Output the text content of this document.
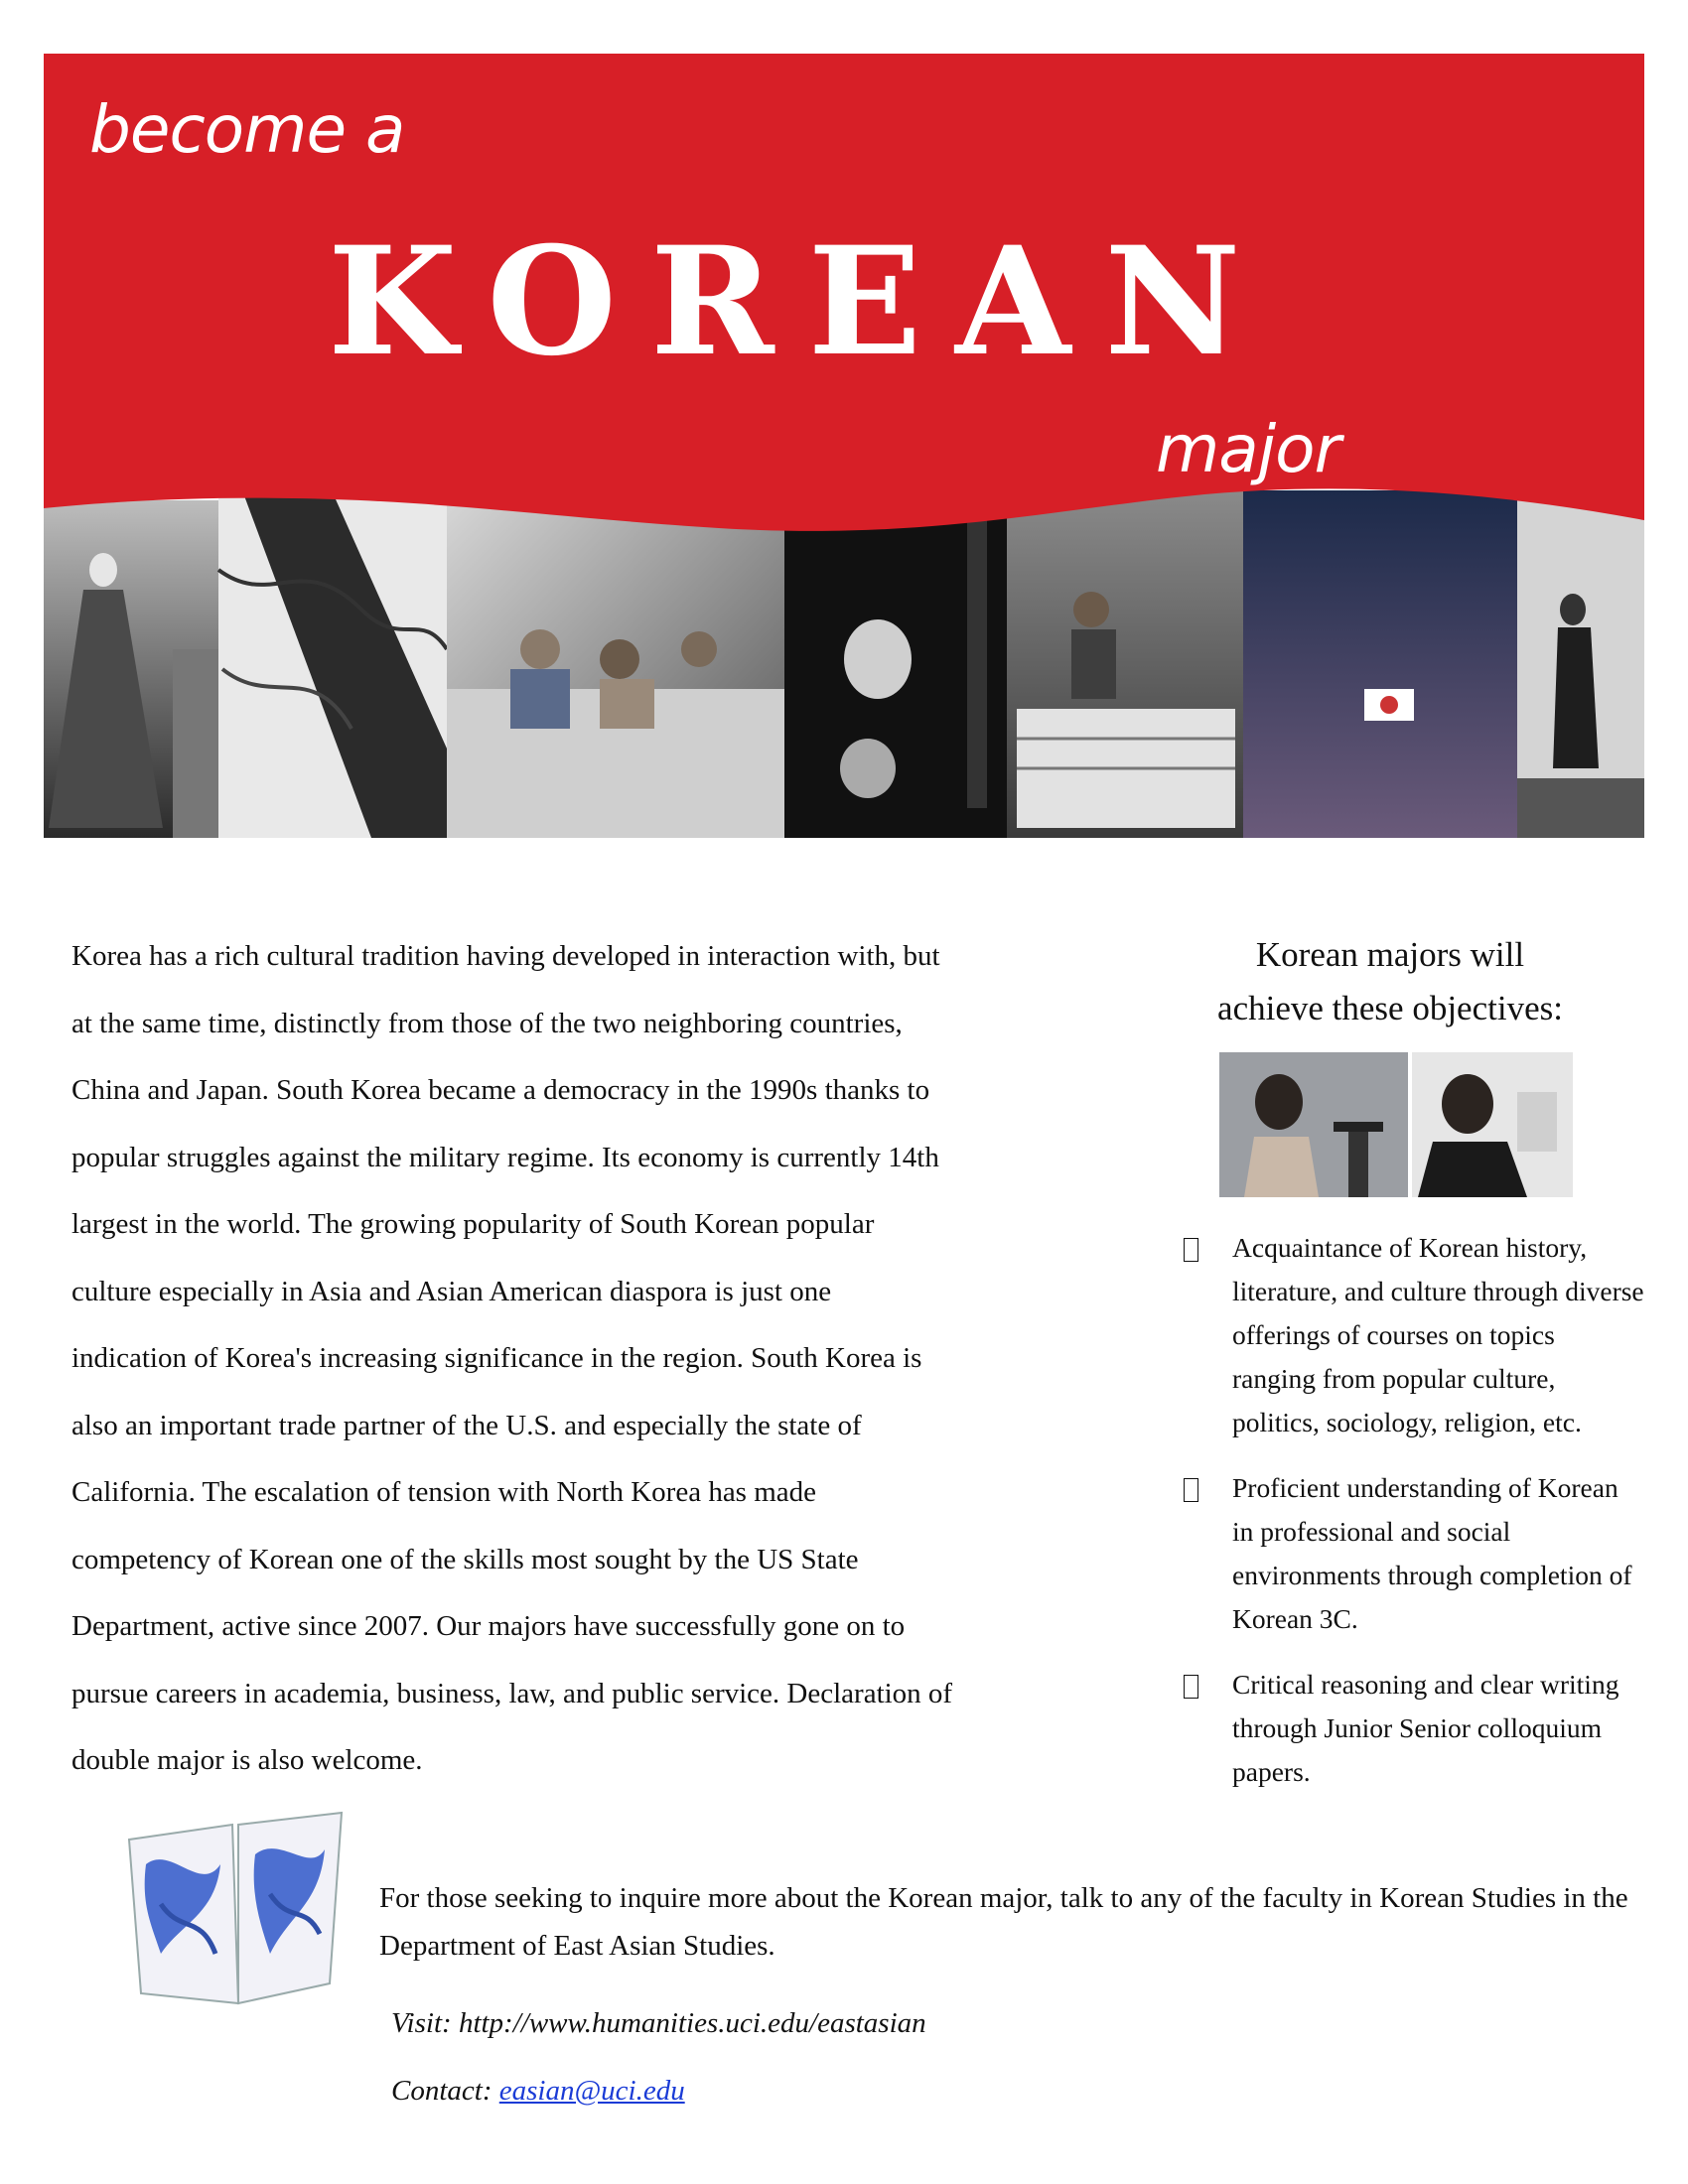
become a
KOREAN
major
Korea has a rich cultural tradition having developed in interaction with, but
at the same time, distinctly from those of the two neighboring countries,
China and Japan. South Korea became a democracy in the 1990s thanks to
popular struggles against the military regime. Its economy is currently 14th
largest in the world. The growing popularity of South Korean popular
culture especially in Asia and Asian American diaspora is just one
indication of Korea's increasing significance in the region. South Korea is
also an important trade partner of the U.S. and especially the state of
California. The escalation of tension with North Korea has made
competency of Korean one of the skills most sought by the US State
Department, active since 2007. Our majors have successfully gone on to
pursue careers in academia, business, law, and public service. Declaration of
double major is also welcome.
Korean majors will
achieve these objectives:
Acquaintance of Korean history, literature, and culture through diverse offerings of courses on topics ranging from popular culture, politics, sociology, religion, etc.
Proficient understanding of Korean in professional and social environments through completion of Korean 3C.
Critical reasoning and clear writing through Junior Senior colloquium papers.
For those seeking to inquire more about the Korean major, talk to any of the faculty in Korean Studies in the Department of East Asian Studies.
Visit: http://www.humanities.uci.edu/eastasian
Contact: easian@uci.edu
